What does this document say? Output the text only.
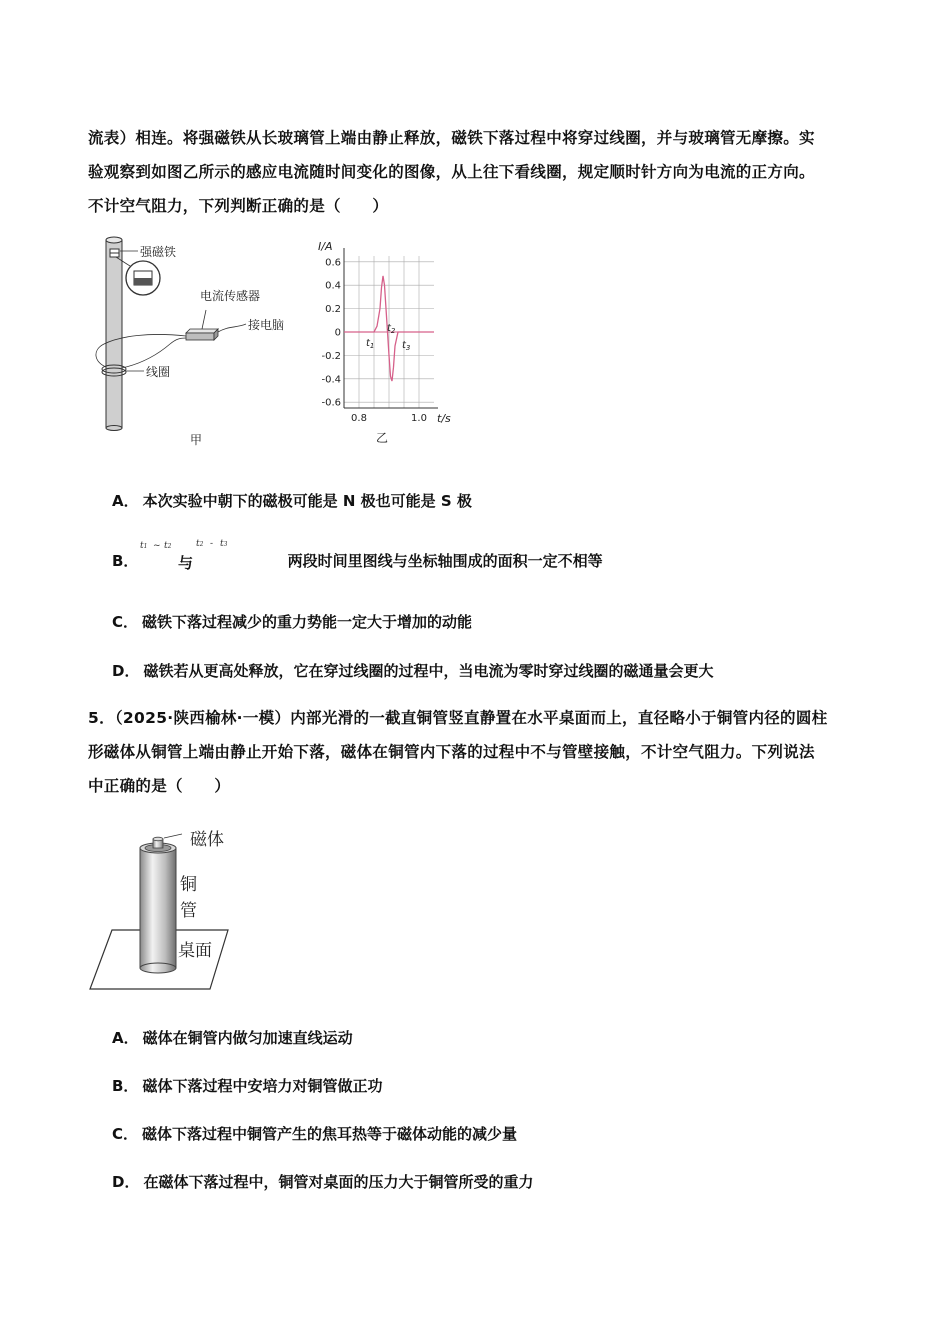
流表）相连。将强磁铁从长玻璃管上端由静止释放，磁铁下落过程中将穿过线圈，并与玻璃管无摩擦。实
验观察到如图乙所示的感应电流随时间变化的图像，从上往下看线圈，规定顺时针方向为电流的正方向。
不计空气阻力，下列判断正确的是（　　）
强磁铁
电流传感器
接电脑
线圈
甲
0.6
0.4
0.2
0
-0.2
-0.4
-0.6
0.8	1.0
I/A
t/s
乙
$t_1$
$t_2$
$t_3$
A． 本次实验中朝下的磁极可能是 N 极也可能是 S 极
B．	两段时间里图线与坐标轴围成的面积一定不相等
t1 ~ t2
与
t2 - t3
C． 磁铁下落过程减少的重力势能一定大于增加的动能
D． 磁铁若从更高处释放，它在穿过线圈的过程中，当电流为零时穿过线圈的磁通量会更大
5．（2025·陕西榆林·一模）内部光滑的一截直铜管竖直静置在水平桌面而上，直径略小于铜管内径的圆柱
形磁体从铜管上端由静止开始下落，磁体在铜管内下落的过程中不与管壁接触，不计空气阻力。下列说法
中正确的是（　　）
磁体
铜
管
桌面
A． 磁体在铜管内做匀加速直线运动
B． 磁体下落过程中安培力对铜管做正功
C． 磁体下落过程中铜管产生的焦耳热等于磁体动能的减少量
D． 在磁体下落过程中，铜管对桌面的压力大于铜管所受的重力
